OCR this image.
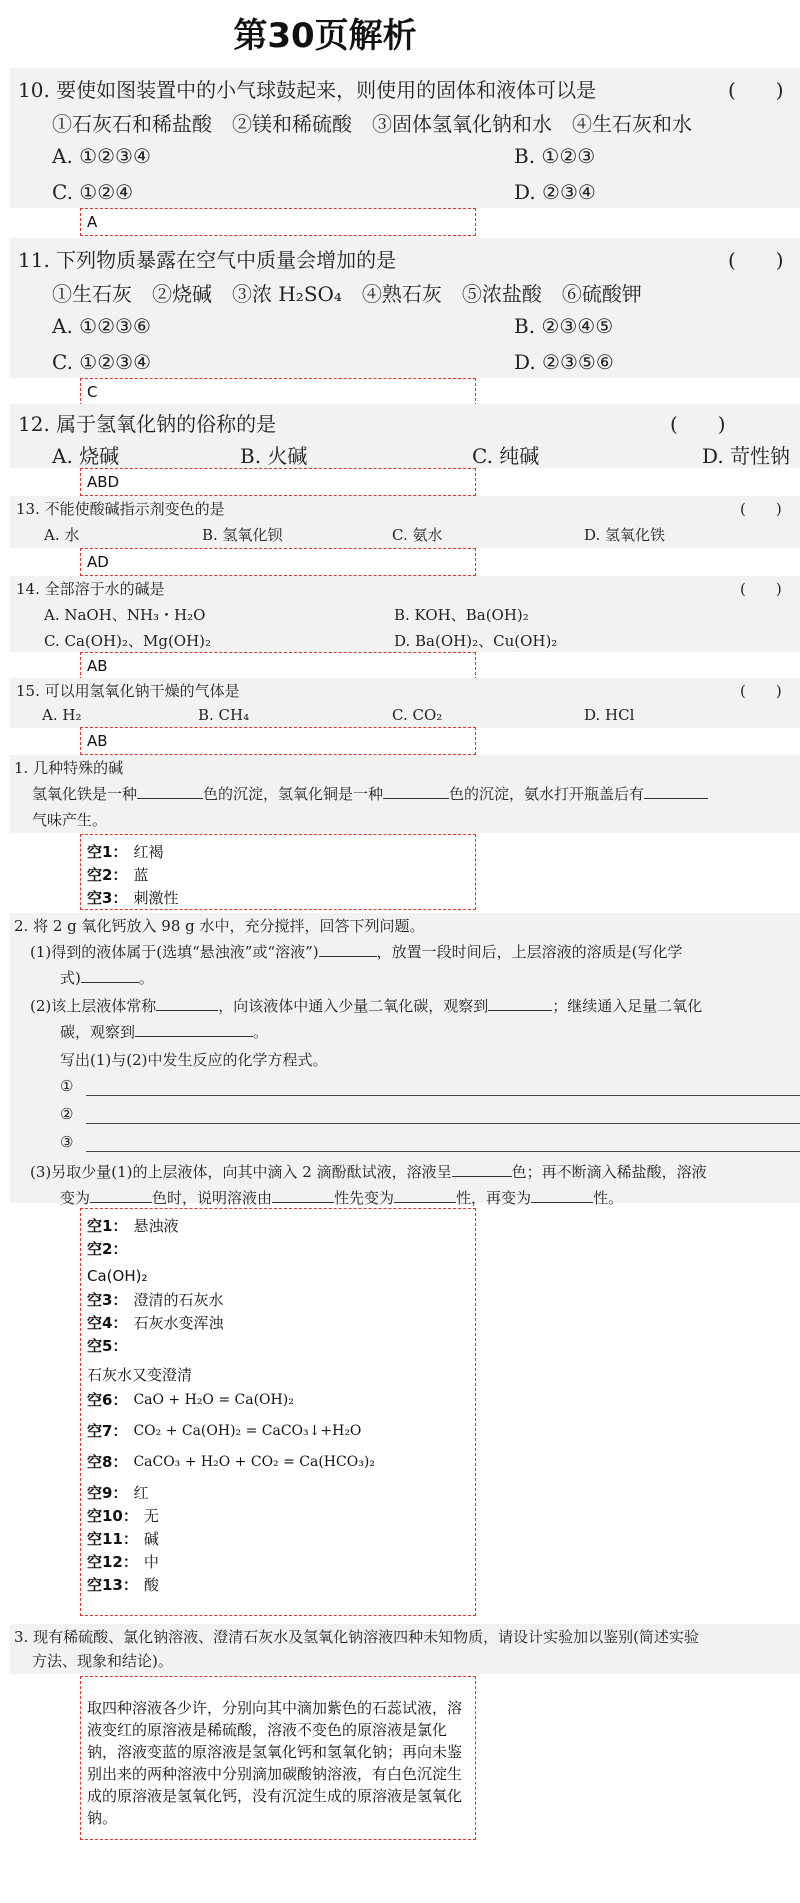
第30页解析
10. 要使如图装置中的小气球鼓起来，则使用的固体和液体可以是	(　　)
①石灰石和稀盐酸　②镁和稀硫酸　③固体氢氧化钠和水　④生石灰和水
A. ①②③④	B. ①②③
C. ①②④	D. ②③④
A
11. 下列物质暴露在空气中质量会增加的是	(　　)
①生石灰　②烧碱　③浓 H₂SO₄　④熟石灰　⑤浓盐酸　⑥硫酸钾
A. ①②③⑥	B. ②③④⑤
C. ①②③④	D. ②③⑤⑥
C
12. 属于氢氧化钠的俗称的是	(　　)
A. 烧碱	B. 火碱	C. 纯碱	D. 苛性钠
ABD
13. 不能使酸碱指示剂变色的是	(　　)
A. 水	B. 氢氧化钡	C. 氨水	D. 氢氧化铁
AD
14. 全部溶于水的碱是	(　　)
A. NaOH、NH₃・H₂O	B. KOH、Ba(OH)₂
C. Ca(OH)₂、Mg(OH)₂	D. Ba(OH)₂、Cu(OH)₂
AB
15. 可以用氢氧化钠干燥的气体是	(　　)
A. H₂	B. CH₄	C. CO₂	D. HCl
AB
1. 几种特殊的碱
氢氧化铁是一种	色的沉淀，氢氧化铜是一种	色的沉淀，氨水打开瓶盖后有
气味产生。
空1： 红褐
空2： 蓝
空3： 刺激性
2. 将 2 g 氧化钙放入 98 g 水中，充分搅拌，回答下列问题。
(1)得到的液体属于(选填“悬浊液”或“溶液”)	，放置一段时间后，上层溶液的溶质是(写化学
式)	。
(2)该上层液体常称	，向该液体中通入少量二氧化碳，观察到	；继续通入足量二氧化
碳，观察到	。
写出(1)与(2)中发生反应的化学方程式。
①
②
③
(3)另取少量(1)的上层液体，向其中滴入 2 滴酚酞试液，溶液呈	色；再不断滴入稀盐酸，溶液
变为	色时，说明溶液由	性先变为	性，再变为	性。
空1： 悬浊液
空2：
Ca(OH)₂
空3： 澄清的石灰水
空4： 石灰水变浑浊
空5：
石灰水又变澄清
空6： CaO + H₂O = Ca(OH)₂
空7： CO₂ + Ca(OH)₂ = CaCO₃↓+H₂O
空8： CaCO₃ + H₂O + CO₂ = Ca(HCO₃)₂
空9： 红
空10： 无
空11： 碱
空12： 中
空13： 酸
3. 现有稀硫酸、氯化钠溶液、澄清石灰水及氢氧化钠溶液四种未知物质，请设计实验加以鉴别(简述实验
方法、现象和结论)。
取四种溶液各少许，分别向其中滴加紫色的石蕊试液，溶液变红的原溶液是稀硫酸，溶液不变色的原溶液是氯化钠，溶液变蓝的原溶液是氢氧化钙和氢氧化钠；再向未鉴别出来的两种溶液中分别滴加碳酸钠溶液，有白色沉淀生成的原溶液是氢氧化钙，没有沉淀生成的原溶液是氢氧化钠。
